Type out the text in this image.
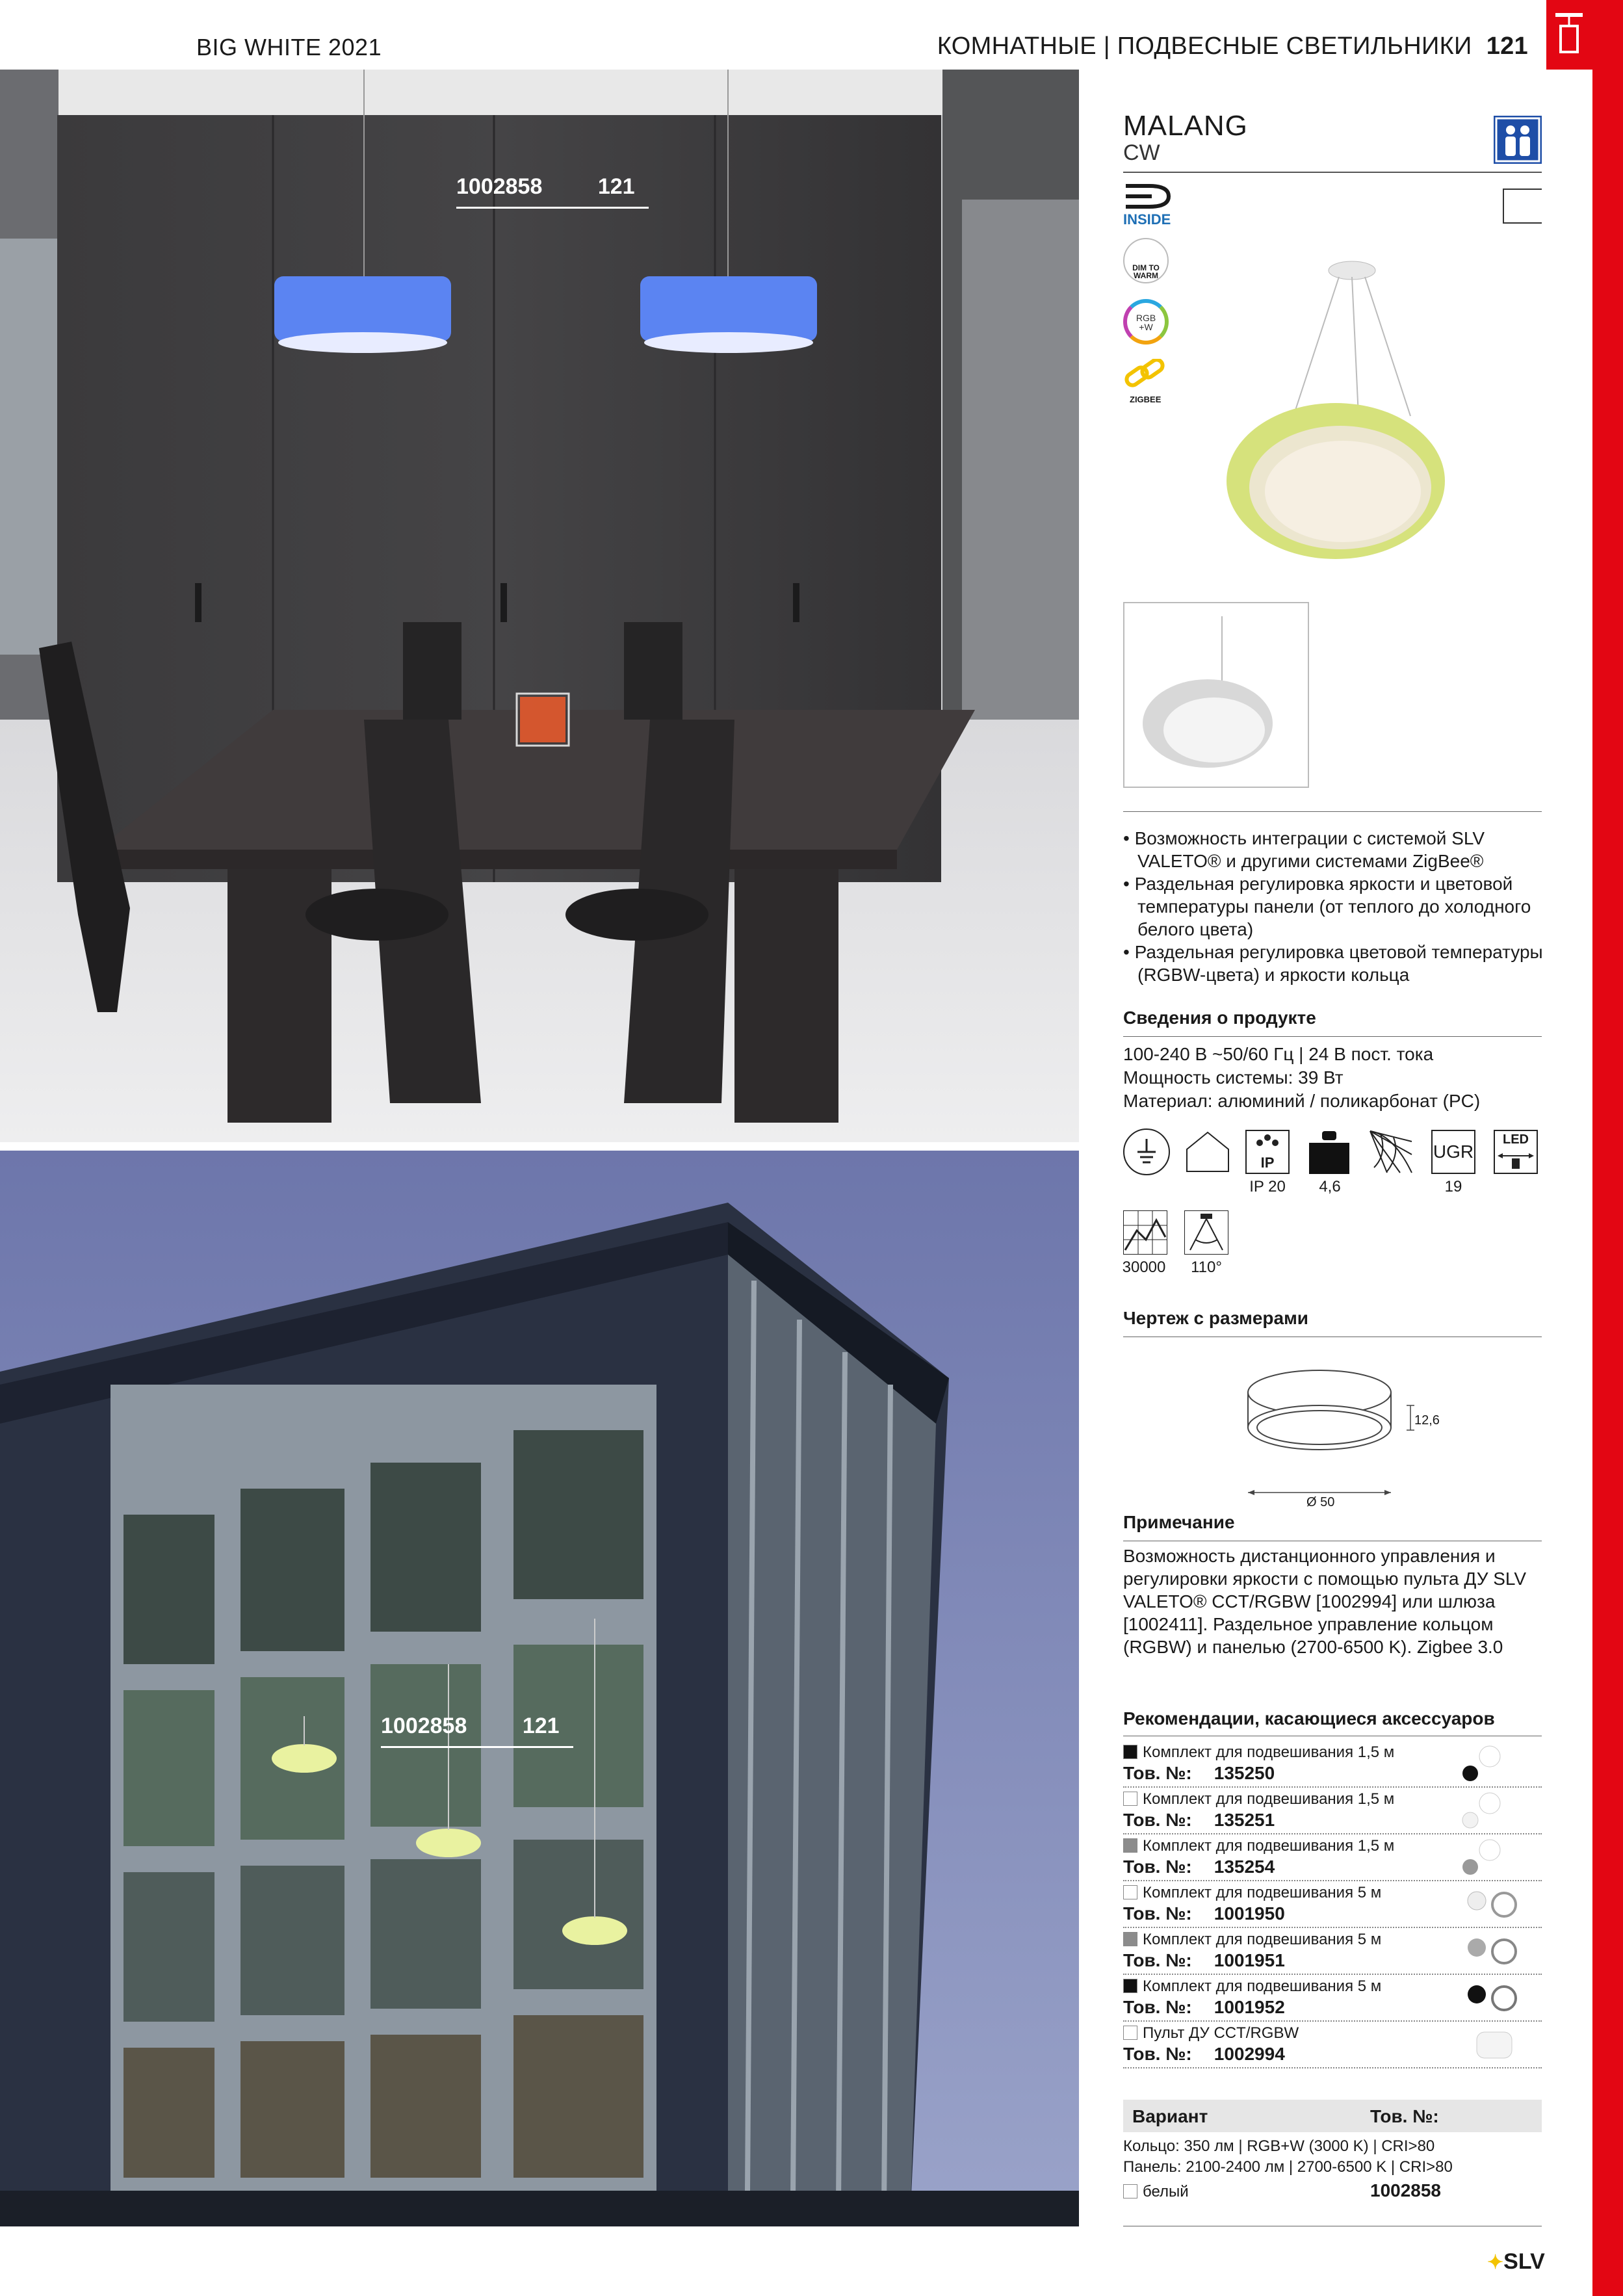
BIG WHITE 2021	КОМНАТНЫЕ | ПОДВЕСНЫЕ СВЕТИЛЬНИКИ 121
1002858	121
1002858	121
MALANG
CW
INSIDE
DIM TO WARM
RGB +W
ZIGBEE
• Возможность интеграции с системой SLV VALETO® и другими системами ZigBee®
• Раздельная регулировка яркости и цветовой температуры панели (от теплого до холодного белого цвета)
• Раздельная регулировка цветовой температуры (RGBW-цвета) и яркости кольца
Сведения о продукте
100-240 В ~50/60 Гц | 24 В пост. тока
Мощность системы: 39 Вт
Материал: алюминий / поликарбонат (PC)
IP
IP 20	4,6
UGR
19
LED
30000	110°
Чертеж с размерами
12,6
Ø 50
Примечание
Возможность дистанционного управления и регулировки яркости с помощью пульта ДУ SLV VALETO® CCT/RGBW [1002994] или шлюза [1002411]. Раздельное управление кольцом (RGBW) и панелью (2700-6500 K). Zigbee 3.0
Рекомендации, касающиеся аксессуаров
Комплект для подвешивания 1,5 м
Тов. №: 135250
Комплект для подвешивания 1,5 м
Тов. №: 135251
Комплект для подвешивания 1,5 м
Тов. №: 135254
Комплект для подвешивания 5 м
Тов. №: 1001950
Комплект для подвешивания 5 м
Тов. №: 1001951
Комплект для подвешивания 5 м
Тов. №: 1001952
Пульт ДУ CCT/RGBW
Тов. №: 1002994
Вариант	Тов. №:
Кольцо: 350 лм | RGB+W (3000 K) | CRI>80
Панель: 2100-2400 лм | 2700-6500 K | CRI>80
белый	1002858
✦SLV
